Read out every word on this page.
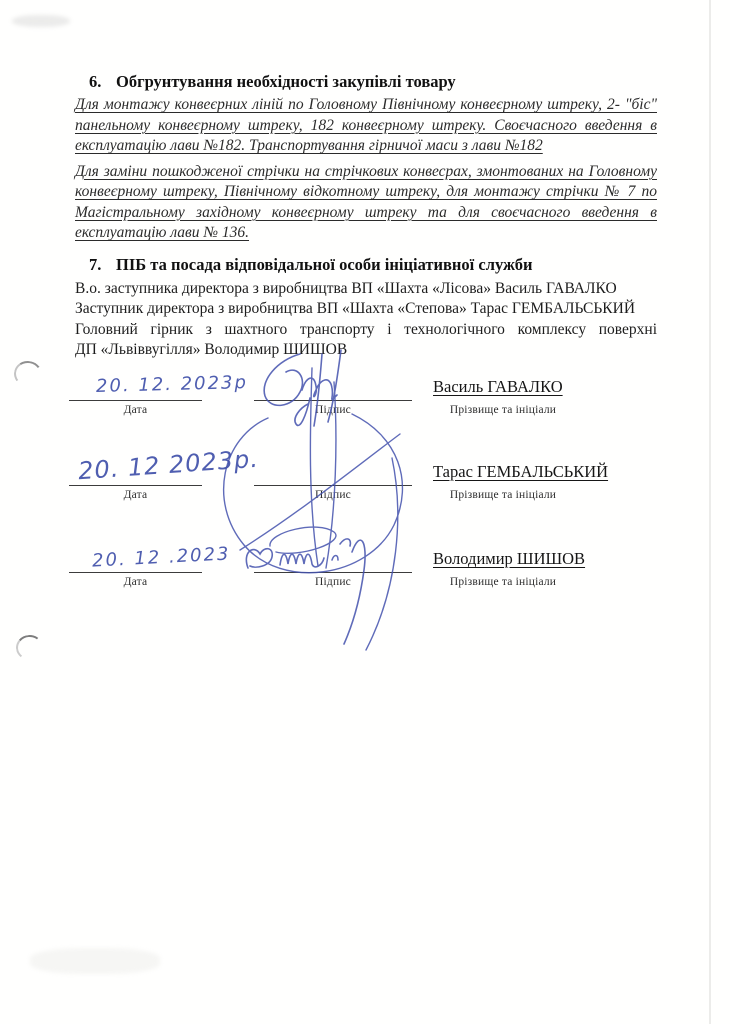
6. Обгрунтування необхідності закупівлі товару
Для монтажу конвеєрних ліній по Головному Північному конвеєрному штреку, 2- "біс"
панельному конвеєрному штреку, 182 конвеєрному штреку. Своєчасного введення в
експлуатацію лави №182. Транспортування гірничої маси з лави №182
Для заміни пошкодженої стрічки на стрічкових конвесрах, змонтованих на Головному
конвеєрному штреку, Північному відкотному штреку, для монтажу стрічки № 7 по
Магістральному західному конвеєрному штреку та для своєчасного введення в
експлуатацію лави № 136.
7. ПІБ та посада відповідальної особи ініціативної служби
В.о. заступника директора з виробництва ВП «Шахта «Лісова» Василь ГАВАЛКО
Заступник директора з виробництва ВП «Шахта «Степова» Тарас ГЕМБАЛЬСЬКИЙ
Головний гірник з шахтного транспорту і технологічного комплексу поверхні
ДП «Львіввугілля» Володимир ШИШОВ
20. 12. 2023р
Дата	Підпис
Василь ГАВАЛКО
Прізвище та ініціали
20. 12 2023р.
Дата	Підпис
Тарас ГЕМБАЛЬСЬКИЙ
Прізвище та ініціали
20. 12 .2023
Дата	Підпис
Володимир ШИШОВ
Прізвище та ініціали
